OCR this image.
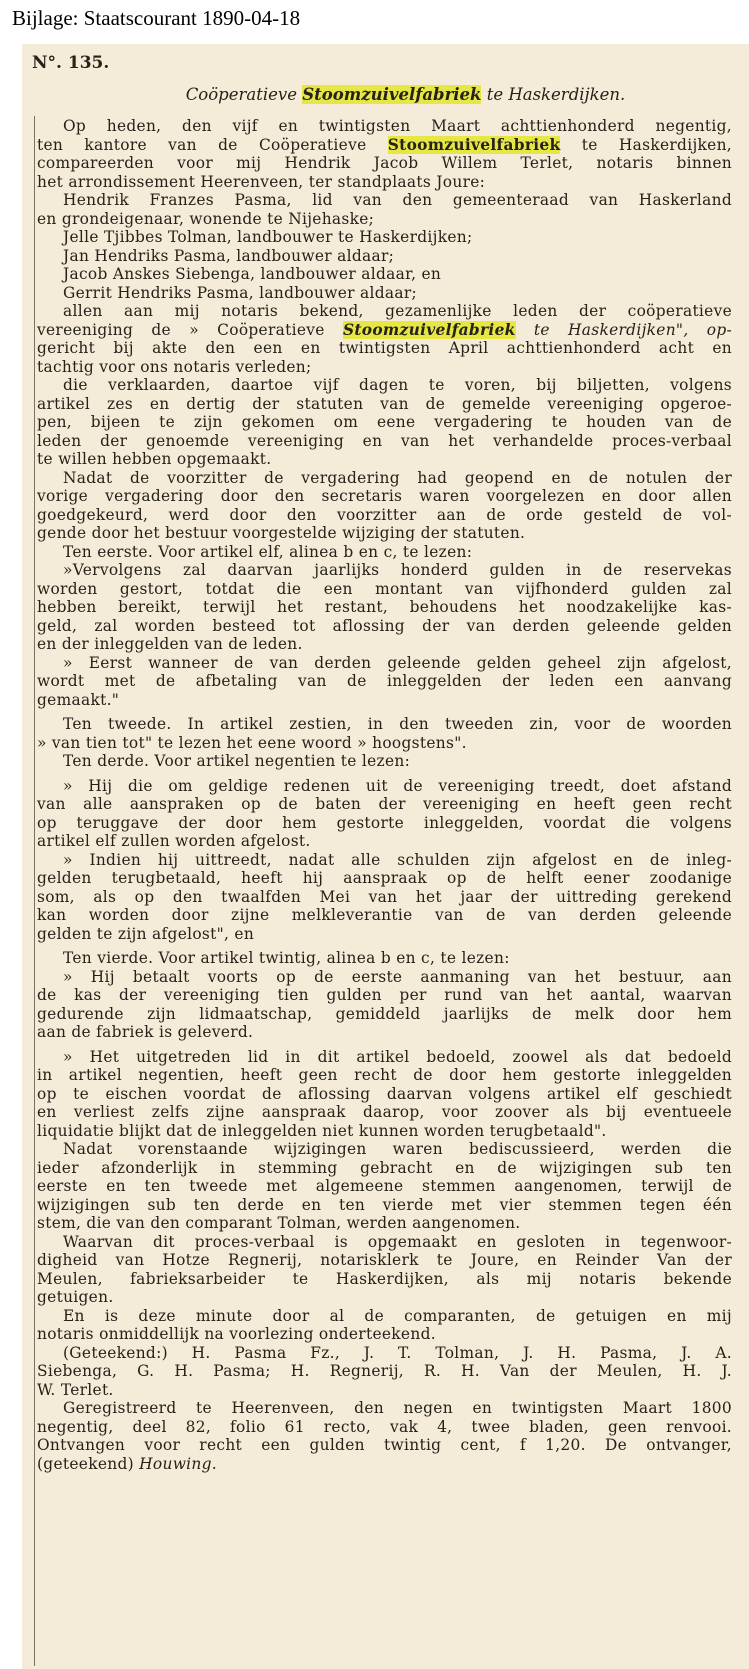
Bijlage: Staatscourant 1890-04-18
N°. 135.
Coöperatieve Stoomzuivelfabriek te Haskerdijken.
Op heden, den vijf en twintigsten Maart achttienhonderd negentig,
ten kantore van de Coöperatieve Stoomzuivelfabriek te Haskerdijken,
compareerden voor mij Hendrik Jacob Willem Terlet, notaris binnen
het arrondissement Heerenveen, ter standplaats Joure:
Hendrik Franzes Pasma, lid van den gemeenteraad van Haskerland
en grondeigenaar, wonende te Nijehaske;
Jelle Tjibbes Tolman, landbouwer te Haskerdijken;
Jan Hendriks Pasma, landbouwer aldaar;
Jacob Anskes Siebenga, landbouwer aldaar, en
Gerrit Hendriks Pasma, landbouwer aldaar;
allen aan mij notaris bekend, gezamenlijke leden der coöperatieve
vereeniging de » Coöperatieve Stoomzuivelfabriek te Haskerdijken", op-
gericht bij akte den een en twintigsten April achttienhonderd acht en
tachtig voor ons notaris verleden;
die verklaarden, daartoe vijf dagen te voren, bij biljetten, volgens
artikel zes en dertig der statuten van de gemelde vereeniging opgeroe-
pen, bijeen te zijn gekomen om eene vergadering te houden van de
leden der genoemde vereeniging en van het verhandelde proces-verbaal
te willen hebben opgemaakt.
Nadat de voorzitter de vergadering had geopend en de notulen der
vorige vergadering door den secretaris waren voorgelezen en door allen
goedgekeurd, werd door den voorzitter aan de orde gesteld de vol-
gende door het bestuur voorgestelde wijziging der statuten.
Ten eerste. Voor artikel elf, alinea b en c, te lezen:
»Vervolgens zal daarvan jaarlijks honderd gulden in de reservekas
worden gestort, totdat die een montant van vijfhonderd gulden zal
hebben bereikt, terwijl het restant, behoudens het noodzakelijke kas-
geld, zal worden besteed tot aflossing der van derden geleende gelden
en der inleggelden van de leden.
» Eerst wanneer de van derden geleende gelden geheel zijn afgelost,
wordt met de afbetaling van de inleggelden der leden een aanvang
gemaakt."
Ten tweede. In artikel zestien, in den tweeden zin, voor de woorden
» van tien tot" te lezen het eene woord » hoogstens".
Ten derde. Voor artikel negentien te lezen:
» Hij die om geldige redenen uit de vereeniging treedt, doet afstand
van alle aanspraken op de baten der vereeniging en heeft geen recht
op teruggave der door hem gestorte inleggelden, voordat die volgens
artikel elf zullen worden afgelost.
» Indien hij uittreedt, nadat alle schulden zijn afgelost en de inleg-
gelden terugbetaald, heeft hij aanspraak op de helft eener zoodanige
som, als op den twaalfden Mei van het jaar der uittreding gerekend
kan worden door zijne melkleverantie van de van derden geleende
gelden te zijn afgelost", en
Ten vierde. Voor artikel twintig, alinea b en c, te lezen:
» Hij betaalt voorts op de eerste aanmaning van het bestuur, aan
de kas der vereeniging tien gulden per rund van het aantal, waarvan
gedurende zijn lidmaatschap, gemiddeld jaarlijks de melk door hem
aan de fabriek is geleverd.
» Het uitgetreden lid in dit artikel bedoeld, zoowel als dat bedoeld
in artikel negentien, heeft geen recht de door hem gestorte inleggelden
op te eischen voordat de aflossing daarvan volgens artikel elf geschiedt
en verliest zelfs zijne aanspraak daarop, voor zoover als bij eventueele
liquidatie blijkt dat de inleggelden niet kunnen worden terugbetaald".
Nadat vorenstaande wijzigingen waren bediscussieerd, werden die
ieder afzonderlijk in stemming gebracht en de wijzigingen sub ten
eerste en ten tweede met algemeene stemmen aangenomen, terwijl de
wijzigingen sub ten derde en ten vierde met vier stemmen tegen één
stem, die van den comparant Tolman, werden aangenomen.
Waarvan dit proces-verbaal is opgemaakt en gesloten in tegenwoor-
digheid van Hotze Regnerij, notarisklerk te Joure, en Reinder Van der
Meulen, fabrieksarbeider te Haskerdijken, als mij notaris bekende
getuigen.
En is deze minute door al de comparanten, de getuigen en mij
notaris onmiddellijk na voorlezing onderteekend.
(Geteekend:) H. Pasma Fz., J. T. Tolman, J. H. Pasma, J. A.
Siebenga, G. H. Pasma; H. Regnerij, R. H. Van der Meulen, H. J.
W. Terlet.
Geregistreerd te Heerenveen, den negen en twintigsten Maart 1800
negentig, deel 82, folio 61 recto, vak 4, twee bladen, geen renvooi.
Ontvangen voor recht een gulden twintig cent, f 1,20. De ontvanger,
(geteekend) Houwing.
